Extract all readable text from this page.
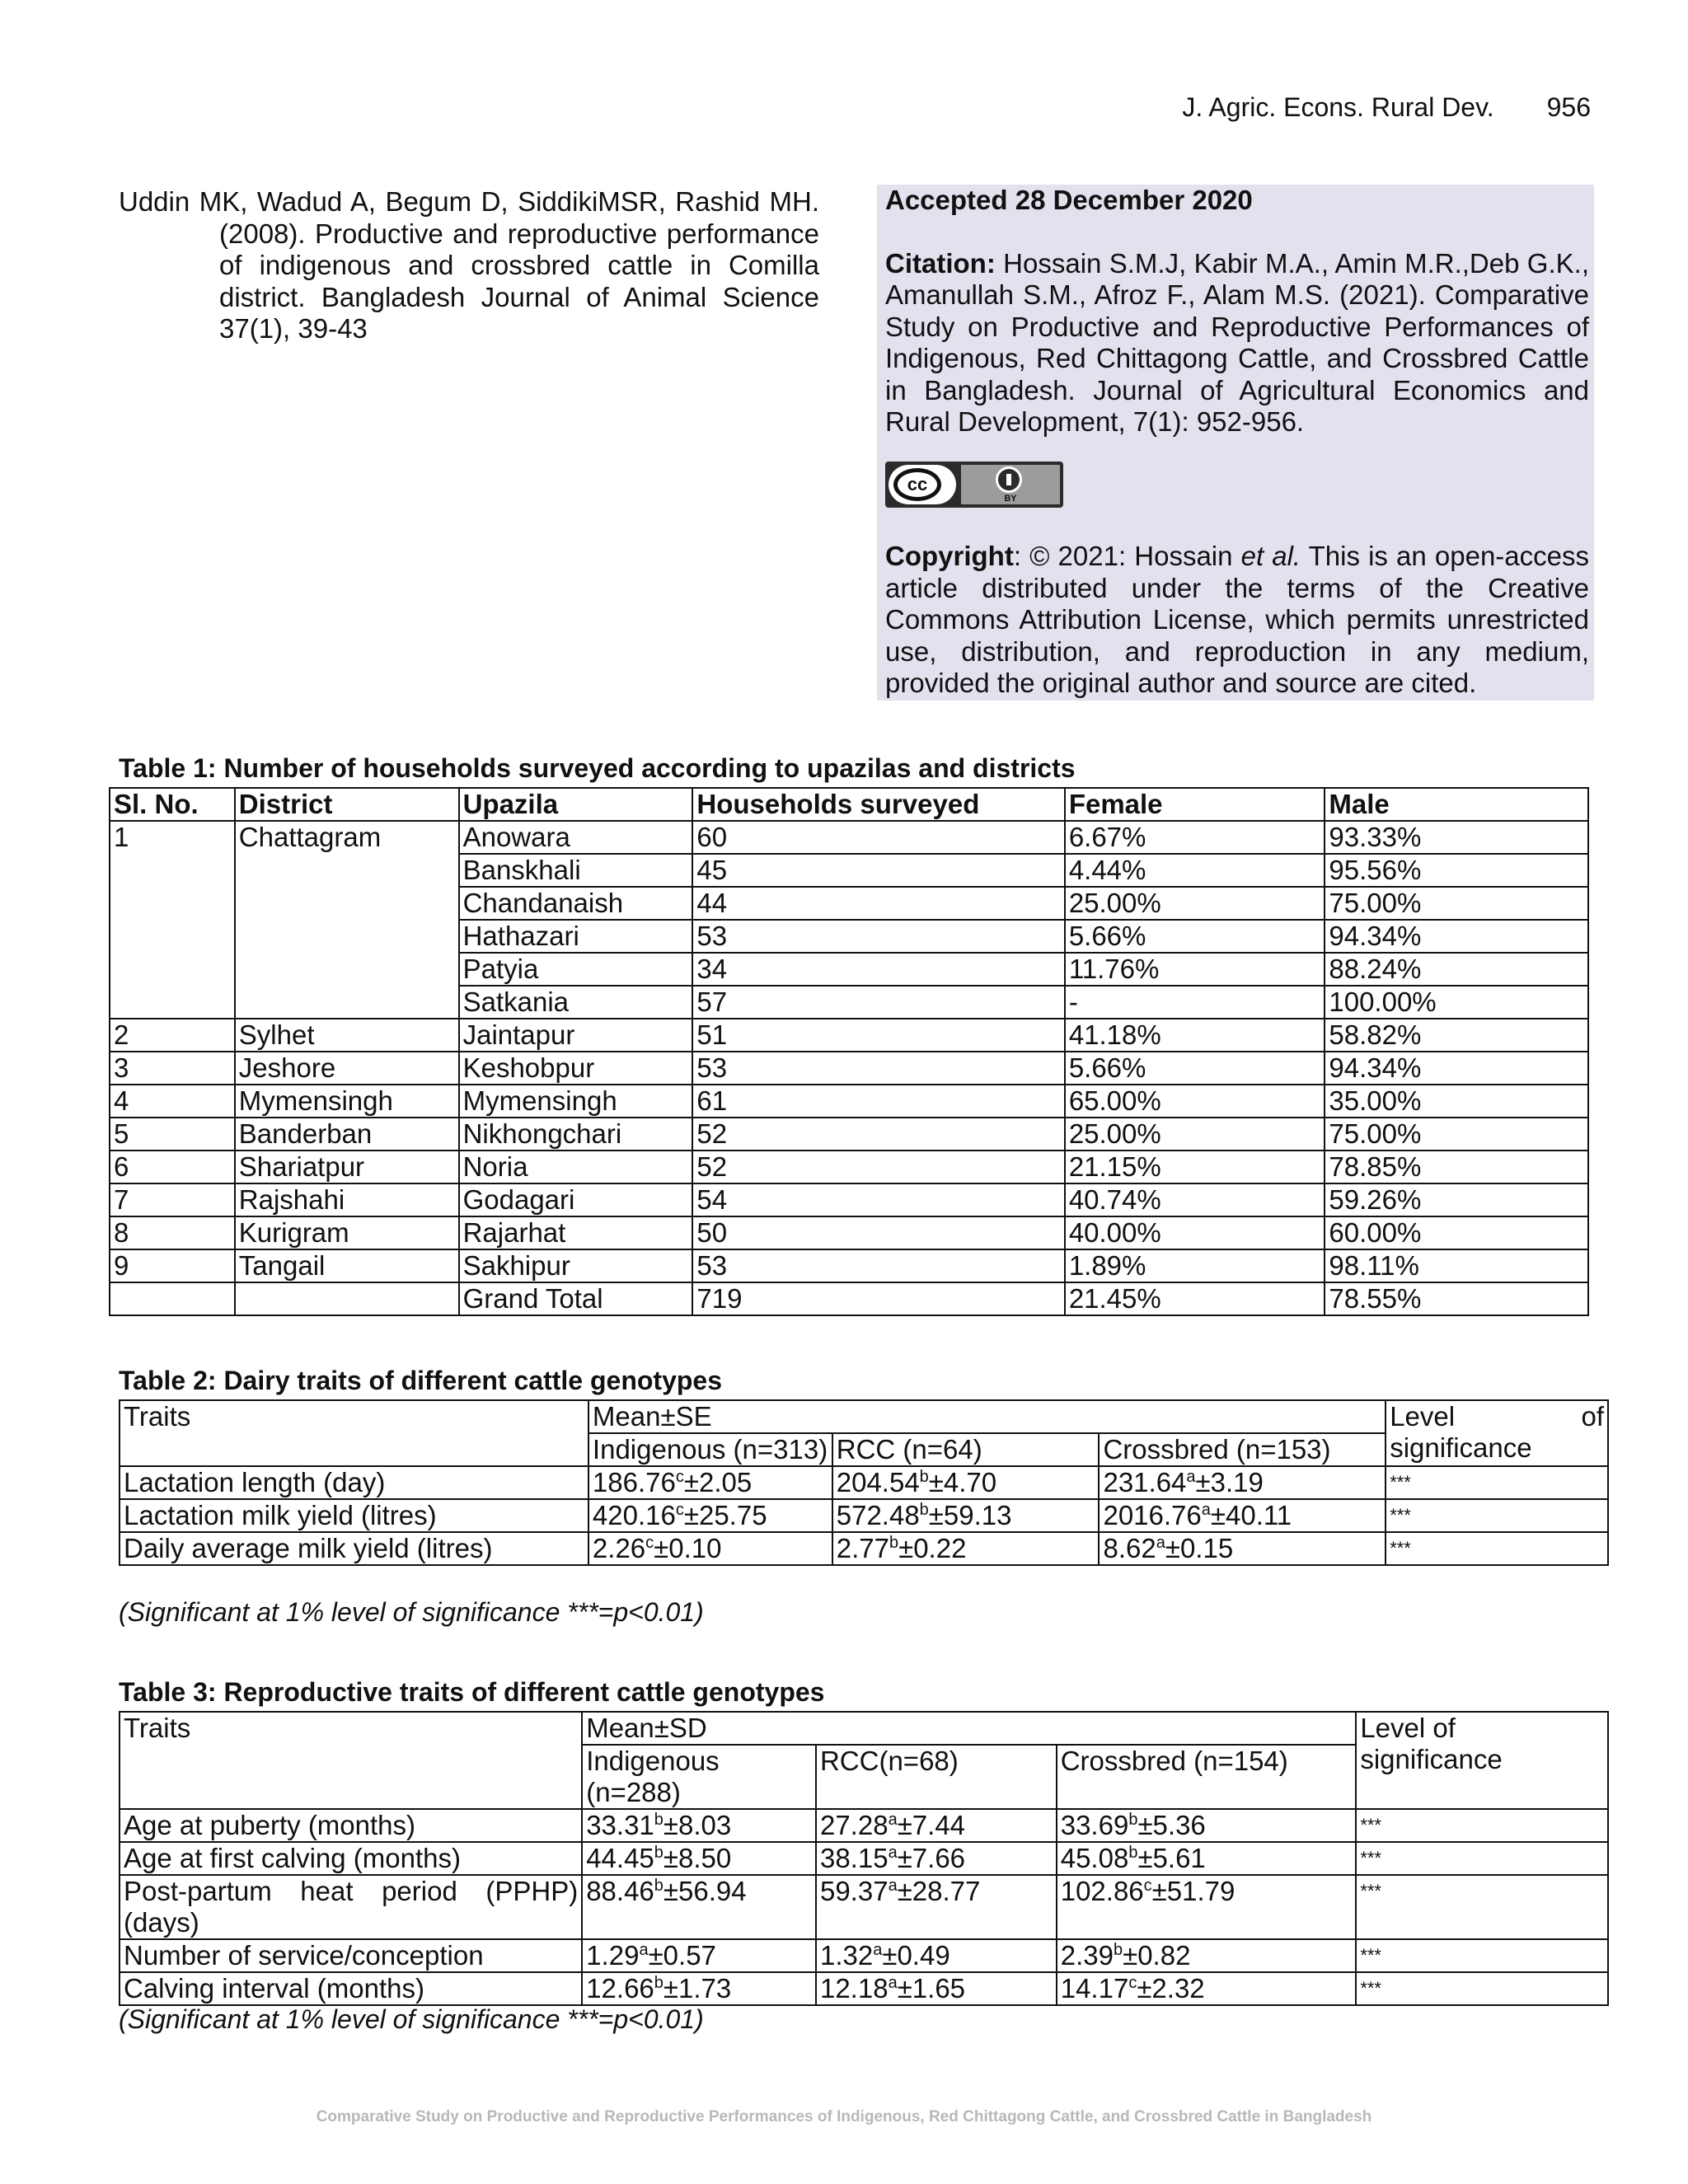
J. Agric. Econs. Rural Dev. 956
Uddin MK, Wadud A, Begum D, SiddikiMSR, Rashid MH. (2008). Productive and reproductive performance of indigenous and crossbred cattle in Comilla district. Bangladesh Journal of Animal Science 37(1), 39-43

Accepted 28 December 2020

Citation: Hossain S.M.J, Kabir M.A., Amin M.R.,Deb G.K., Amanullah S.M., Afroz F., Alam M.S. (2021). Comparative Study on Productive and Reproductive Performances of Indigenous, Red Chittagong Cattle, and Crossbred Cattle in Bangladesh. Journal of Agricultural Economics and Rural Development, 7(1): 952-956.

cc
BY

Copyright: © 2021: Hossain et al. This is an open-access article distributed under the terms of the Creative Commons Attribution License, which permits unrestricted use, distribution, and reproduction in any medium, provided the original author and source are cited.

Table 1: Number of households surveyed according to upazilas and districts
Sl. No.	District	Upazila	Households surveyed	Female	Male
1	Chattagram	Anowara	60	6.67%	93.33%
		Banskhali	45	4.44%	95.56%
		Chandanaish	44	25.00%	75.00%
		Hathazari	53	5.66%	94.34%
		Patyia	34	11.76%	88.24%
		Satkania	57	-	100.00%
2	Sylhet	Jaintapur	51	41.18%	58.82%
3	Jeshore	Keshobpur	53	5.66%	94.34%
4	Mymensingh	Mymensingh	61	65.00%	35.00%
5	Banderban	Nikhongchari	52	25.00%	75.00%
6	Shariatpur	Noria	52	21.15%	78.85%
7	Rajshahi	Godagari	54	40.74%	59.26%
8	Kurigram	Rajarhat	50	40.00%	60.00%
9	Tangail	Sakhipur	53	1.89%	98.11%
		Grand Total	719	21.45%	78.55%
Table 2: Dairy traits of different cattle genotypes
Traits	Mean±SE			Level of significance
	Indigenous (n=313)	RCC (n=64)	Crossbred (n=153)	
Lactation length (day)	186.76$^c$±2.05	204.54$^b$±4.70	231.64$^a$±3.19	***
Lactation milk yield (litres)	420.16$^c$±25.75	572.48$^b$±59.13	2016.76$^a$±40.11	***
Daily average milk yield (litres)	2.26$^c$±0.10	2.77$^b$±0.22	8.62$^a$±0.15	***
(Significant at 1% level of significance ***=p<0.01)
Table 3: Reproductive traits of different cattle genotypes
Traits	Mean±SD			Level of significance
	Indigenous (n=288)	RCC(n=68)	Crossbred (n=154)	
Age at puberty (months)	33.31$^b$±8.03	27.28$^a$±7.44	33.69$^b$±5.36	***
Age at first calving (months)	44.45$^b$±8.50	38.15$^a$±7.66	45.08$^b$±5.61	***
Post-partum heat period (PPHP) (days)	88.46$^b$±56.94	59.37$^a$±28.77	102.86$^c$±51.79	***
Number of service/conception	1.29$^a$±0.57	1.32$^a$±0.49	2.39$^b$±0.82	***
Calving interval (months)	12.66$^b$±1.73	12.18$^a$±1.65	14.17$^c$±2.32	***
(Significant at 1% level of significance ***=p<0.01)
Comparative Study on Productive and Reproductive Performances of Indigenous, Red Chittagong Cattle, and Crossbred Cattle in Bangladesh
